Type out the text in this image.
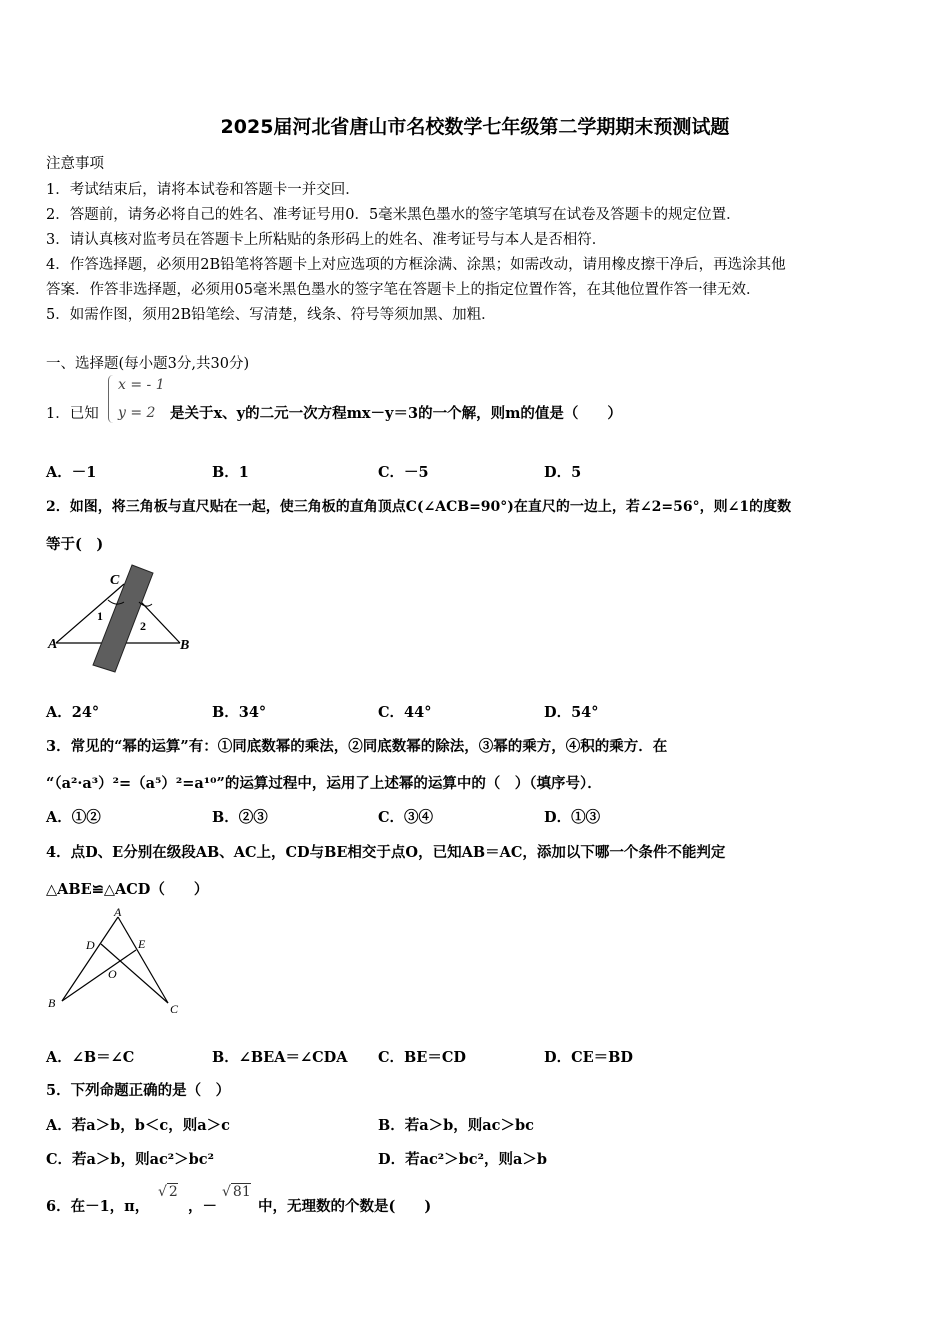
2025届河北省唐山市名校数学七年级第二学期期末预测试题
注意事项
1．考试结束后，请将本试卷和答题卡一并交回．
2．答题前，请务必将自己的姓名、准考证号用0．5毫米黑色墨水的签字笔填写在试卷及答题卡的规定位置．
3．请认真核对监考员在答题卡上所粘贴的条形码上的姓名、准考证号与本人是否相符．
4．作答选择题，必须用2B铅笔将答题卡上对应选项的方框涂满、涂黑；如需改动，请用橡皮擦干净后，再选涂其他
答案．作答非选择题，必须用05毫米黑色墨水的签字笔在答题卡上的指定位置作答，在其他位置作答一律无效．
5．如需作图，须用2B铅笔绘、写清楚，线条、符号等须加黑、加粗．
一、选择题(每小题3分,共30分)
1．已知
x = - 1
y = 2 是关于x、y的二元一次方程mx－y＝3的一个解，则m的值是（　　）
A．－1	B．1	C．－5	D．5
2．如图，将三角板与直尺贴在一起，使三角板的直角顶点C(∠ACB=90°)在直尺的一边上，若∠2=56°，则∠1的度数
等于(　)
C
A	B
1
2
A．24°	B．34°	C．44°	D．54°
3．常见的“幂的运算”有：①同底数幂的乘法，②同底数幂的除法，③幂的乘方，④积的乘方．在
“（a²·a³）²=（a⁵）²=a¹⁰”的运算过程中，运用了上述幂的运算中的（　）（填序号）．
A．①②	B．②③	C．③④	D．①③
4．点D、E分别在级段AB、AC上，CD与BE相交于点O，已知AB＝AC，添加以下哪一个条件不能判定
△ABE≌△ACD（　　）
A
D	E
O
B	C
A．∠B＝∠C	B．∠BEA＝∠CDA C．BE＝CD	D．CE＝BD
5．下列命题正确的是（　）
A．若a＞b，b＜c，则a＞c	B．若a＞b，则ac＞bc
C．若a＞b，则ac²＞bc²	D．若ac²＞bc²，则a＞b
6．在－1，π，
√ 2
，－
√ 81
中，无理数的个数是(　　)
